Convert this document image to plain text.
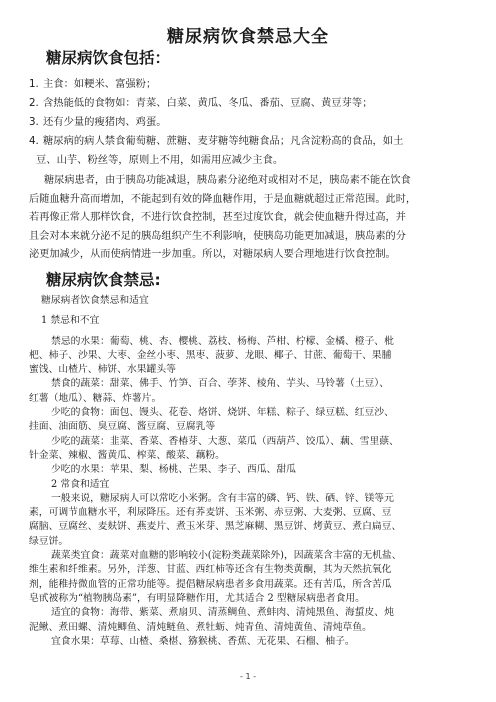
糖尿病饮食禁忌大全
糖尿病饮食包括：
1. 主食：如粳米、富强粉；
2. 含热能低的食物如：青菜、白菜、黄瓜、冬瓜、番茄、豆腐、黄豆芽等；
3. 还有少量的瘦猪肉、鸡蛋。
4. 糖尿病的病人禁食葡萄糖、蔗糖、麦芽糖等纯糖食品；凡含淀粉高的食品，如土
豆、山芋、粉丝等，原则上不用，如需用应减少主食。
糖尿病患者，由于胰岛功能减退，胰岛素分泌绝对或相对不足，胰岛素不能在饮食
后随血糖升高而增加，不能起到有效的降血糖作用，于是血糖就超过正常范围。此时，
若再像正常人那样饮食，不进行饮食控制，甚至过度饮食，就会使血糖升得过高，并
且会对本来就分泌不足的胰岛组织产生不利影响，使胰岛功能更加减退，胰岛素的分
泌更加减少，从而使病情进一步加重。所以，对糖尿病人要合理地进行饮食控制。
糖尿病饮食禁忌:
糖尿病者饮食禁忌和适宜
1 禁忌和不宜
禁忌的水果：葡萄、桃、杏、樱桃、荔枝、杨梅、芦柑、柠檬、金橘、橙子、枇
杷、柿子、沙果、大枣、金丝小枣、黑枣、菠萝、龙眼、椰子、甘蔗、葡萄干、果脯
蜜饯、山楂片、柿饼、水果罐头等
禁食的蔬菜：甜菜、佛手、竹笋、百合、荸荠、棱角、芋头、马铃薯（土豆）、
红薯（地瓜）、糖蒜、炸薯片。
少吃的食物：面包、馒头、花卷、烙饼、烧饼、年糕、粽子、绿豆糕、红豆沙、
挂面、油面筋、臭豆腐、酱豆腐、豆腐乳等
少吃的蔬菜：韭菜、香菜、香椿芽、大葱、菜瓜（西葫芦、饺瓜）、藕、雪里蕻、
针金菜、辣椒、酱黄瓜、榨菜、酸菜、藕粉。
少吃的水果：苹果、梨、杨桃、芒果、李子、西瓜、甜瓜
2 常食和适宜
一般来说，糖尿病人可以常吃小米粥。含有丰富的磷、钙、铁、硒、锌、镁等元
素，可调节血糖水平，利尿降压。还有荞麦饼、玉米粥、赤豆粥、大麦粥、豆腐、豆
腐脑、豆腐丝、麦麸饼、燕麦片、煮玉米芽、黑芝麻糊、黑豆饼、烤黄豆、煮白扁豆、
绿豆饼。
蔬菜类宜食：蔬菜对血糖的影响较小(淀粉类蔬菜除外)，因蔬菜含丰富的无机盐、
维生素和纤维素。另外，洋葱、甘蓝、西红柿等还含有生物类黄酮，其为天然抗氧化
剂，能稚持微血管的正常功能等。提倡糖尿病患者多食用蔬菜。还有苦瓜，所含苦瓜
皂甙被称为“植物胰岛素”，有明显降糖作用，尤其适合 2 型糖尿病患者食用。
适宜的食物：海带、紫菜、煮扇贝、清蒸鲷鱼、煮蚌肉、清炖黑鱼、海蜇皮、炖
泥鳅、煮田螺、清炖鲫鱼、清炖鲢鱼、煮牡蛎、炖青鱼、清炖黄鱼、清炖草鱼。
宜食水果：草莓、山楂、桑椹、猕猴桃、香蕉、无花果、石榴、柚子。
- 1 -
